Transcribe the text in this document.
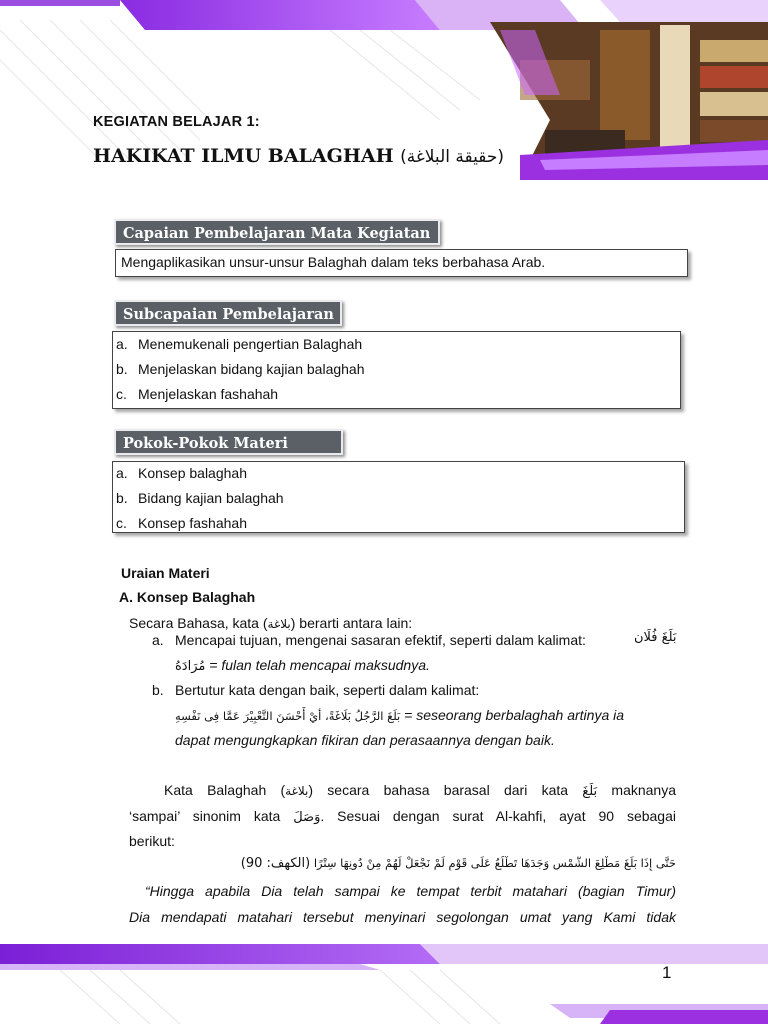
KEGIATAN BELAJAR 1:
HAKIKAT ILMU BALAGHAH (حقيقة البلاغة)
Capaian Pembelajaran Mata Kegiatan
Mengaplikasikan unsur-unsur Balaghah dalam teks berbahasa Arab.
Subcapaian Pembelajaran
a. Menemukenali pengertian Balaghah
b. Menjelaskan bidang kajian balaghah
c. Menjelaskan fashahah
Pokok-Pokok Materi
a. Konsep balaghah
b. Bidang kajian balaghah
c. Konsep fashahah
Uraian Materi
A. Konsep Balaghah
Secara Bahasa, kata (بلاغة) berarti antara lain:
a. Mencapai tujuan, mengenai sasaran efektif, seperti dalam kalimat:	بَلَغَ فُلَان
مُرَادَهُ = fulan telah mencapai maksudnya.
b. Bertutur kata dengan baik, seperti dalam kalimat:
بَلَغَ الرَّجُلُ بَلَاغَةً، أيْ أَحْسَنَ التَّعْبِيْرَ عَمَّا فِى نَفْسِهِ = seseorang berbalaghah artinya ia
dapat mengungkapkan fikiran dan perasaannya dengan baik.
Kata Balaghah (بلاغة) secara bahasa barasal dari kata بَلَغَ maknanya
‘sampai’ sinonim kata وَصَلَ. Sesuai dengan surat Al-kahfi, ayat 90 sebagai
berikut:
حَتَّى إِذَا بَلَغَ مَطْلِعَ الشَّمْسِ وَجَدَهَا تَطْلُعُ عَلَى قَوْمٍ لَمْ نَجْعَلْ لَهُمْ مِنْ دُونِهَا سِتْرًا (الكهف: 90)
“Hingga apabila Dia telah sampai ke tempat terbit matahari (bagian Timur)
Dia mendapati matahari tersebut menyinari segolongan umat yang Kami tidak
1
